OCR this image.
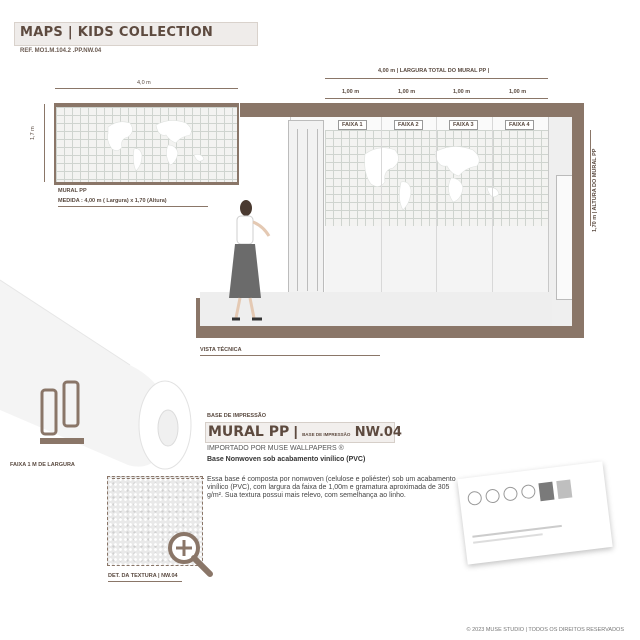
MAPS | KIDS COLLECTION
REF. MO1.M.104.2 .PP.NW.04
4,0 m
1,7 m
MURAL PP
MEDIDA : 4,00 m ( Largura) x 1,70 (Altura)
4,00 m | LARGURA TOTAL DO MURAL PP |
1,00 m	1,00 m	1,00 m	1,00 m
FAIXA 1	FAIXA 2	FAIXA 3	FAIXA 4
1,70 m | ALTURA DO MURAL PP
VISTA TÉCNICA
FAIXA 1 M DE LARGURA
BASE DE IMPRESSÃO
MURAL PP | BASE DE IMPRESSÃO NW.04
IMPORTADO POR MUSE WALLPAPERS ®
Base Nonwoven sob acabamento vinílico (PVC)
DET. DA TEXTURA | NW.04
Essa base é composta por nonwoven (celulose e poliéster) sob um acabamento vinílico (PVC), com largura da faixa de 1,00m e gramatura aproximada de 305 g/m². Sua textura possui mais relevo, com semelhança ao linho.
© 2023 MUSE STUDIO | TODOS OS DIREITOS RESERVADOS
